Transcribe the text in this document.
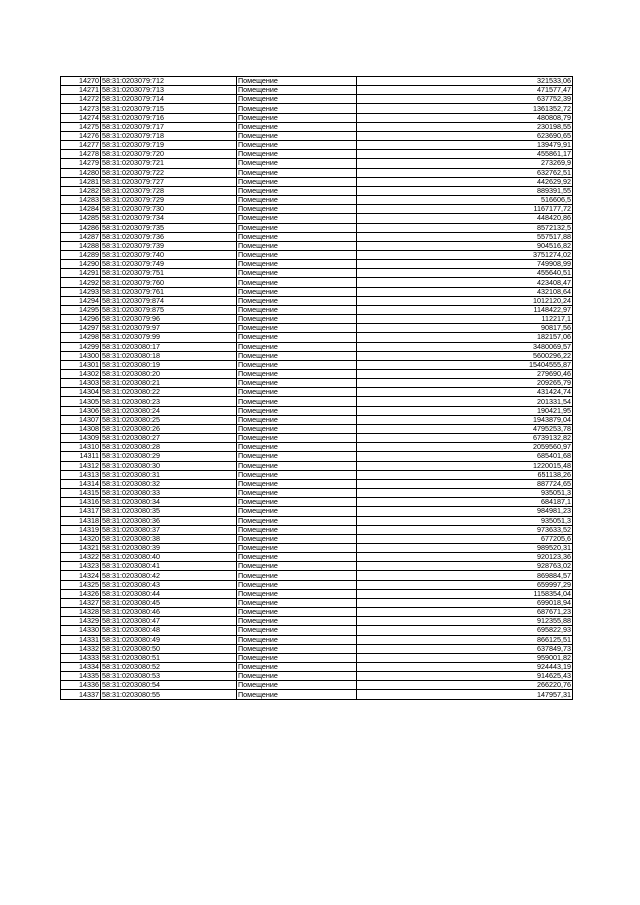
14270	58:31:0203079:712	Помещение	321533,06
14271	58:31:0203079:713	Помещение	471577,47
14272	58:31:0203079:714	Помещение	637752,39
14273	58:31:0203079:715	Помещение	1361352,72
14274	58:31:0203079:716	Помещение	480808,79
14275	58:31:0203079:717	Помещение	230198,55
14276	58:31:0203079:718	Помещение	623690,65
14277	58:31:0203079:719	Помещение	139479,91
14278	58:31:0203079:720	Помещение	455861,17
14279	58:31:0203079:721	Помещение	273269,9
14280	58:31:0203079:722	Помещение	632762,51
14281	58:31:0203079:727	Помещение	442629,92
14282	58:31:0203079:728	Помещение	889391,55
14283	58:31:0203079:729	Помещение	516606,5
14284	58:31:0203079:730	Помещение	1167177,72
14285	58:31:0203079:734	Помещение	448420,86
14286	58:31:0203079:735	Помещение	8572132,5
14287	58:31:0203079:736	Помещение	557517,88
14288	58:31:0203079:739	Помещение	904516,82
14289	58:31:0203079:740	Помещение	3751274,02
14290	58:31:0203079:749	Помещение	749908,99
14291	58:31:0203079:751	Помещение	455640,51
14292	58:31:0203079:760	Помещение	423408,47
14293	58:31:0203079:761	Помещение	432108,64
14294	58:31:0203079:874	Помещение	1012120,24
14295	58:31:0203079:875	Помещение	1148422,97
14296	58:31:0203079:96	Помещение	112217,1
14297	58:31:0203079:97	Помещение	90817,56
14298	58:31:0203079:99	Помещение	182157,06
14299	58:31:0203080:17	Помещение	3480069,57
14300	58:31:0203080:18	Помещение	5600296,22
14301	58:31:0203080:19	Помещение	15404555,87
14302	58:31:0203080:20	Помещение	279690,46
14303	58:31:0203080:21	Помещение	209265,79
14304	58:31:0203080:22	Помещение	431424,74
14305	58:31:0203080:23	Помещение	201331,54
14306	58:31:0203080:24	Помещение	190421,95
14307	58:31:0203080:25	Помещение	1943879,04
14308	58:31:0203080:26	Помещение	4795253,78
14309	58:31:0203080:27	Помещение	6739132,82
14310	58:31:0203080:28	Помещение	2059560,97
14311	58:31:0203080:29	Помещение	685401,68
14312	58:31:0203080:30	Помещение	1220015,48
14313	58:31:0203080:31	Помещение	651138,26
14314	58:31:0203080:32	Помещение	887724,65
14315	58:31:0203080:33	Помещение	935051,3
14316	58:31:0203080:34	Помещение	684187,1
14317	58:31:0203080:35	Помещение	984981,23
14318	58:31:0203080:36	Помещение	935051,3
14319	58:31:0203080:37	Помещение	973633,52
14320	58:31:0203080:38	Помещение	677205,6
14321	58:31:0203080:39	Помещение	989520,31
14322	58:31:0203080:40	Помещение	920123,36
14323	58:31:0203080:41	Помещение	928763,02
14324	58:31:0203080:42	Помещение	869884,57
14325	58:31:0203080:43	Помещение	659997,29
14326	58:31:0203080:44	Помещение	1158354,04
14327	58:31:0203080:45	Помещение	699018,94
14328	58:31:0203080:46	Помещение	687671,23
14329	58:31:0203080:47	Помещение	912355,88
14330	58:31:0203080:48	Помещение	695822,93
14331	58:31:0203080:49	Помещение	866125,51
14332	58:31:0203080:50	Помещение	637849,73
14333	58:31:0203080:51	Помещение	959001,82
14334	58:31:0203080:52	Помещение	924443,19
14335	58:31:0203080:53	Помещение	914625,43
14336	58:31:0203080:54	Помещение	266220,76
14337	58:31:0203080:55	Помещение	147957,31
